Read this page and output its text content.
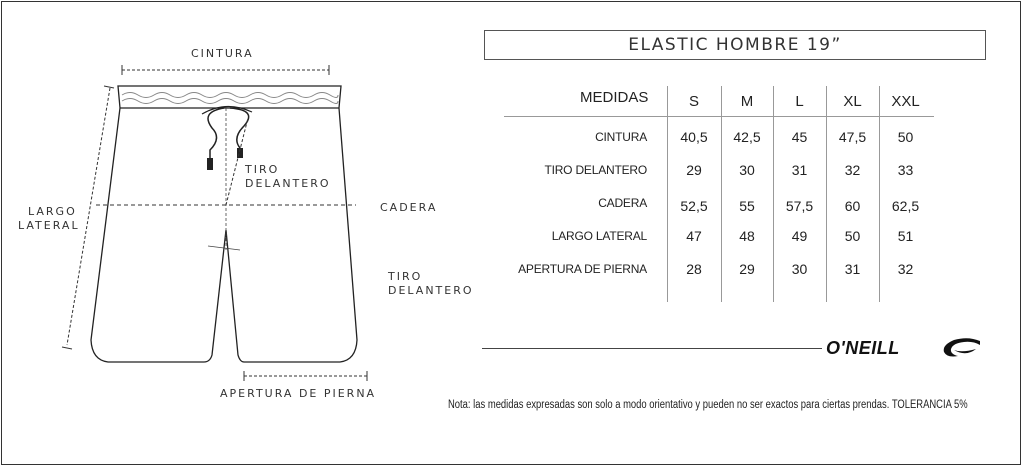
CINTURA
TIRO
DELANTERO
LARGO
LATERAL
CADERA
TIRO
DELANTERO
APERTURA DE PIERNA
ELASTIC HOMBRE 19”
MEDIDAS	S	M	L	XL	XXL
CINTURA	40,5	42,5	45	47,5	50
TIRO DELANTERO	29	30	31	32	33
CADERA	52,5	55	57,5	60	62,5
LARGO LATERAL	47	48	49	50	51
APERTURA DE PIERNA	28	29	30	31	32
O'NEILL
Nota: las medidas expresadas son solo a modo orientativo y pueden no ser exactos para ciertas prendas. TOLERANCIA 5%
